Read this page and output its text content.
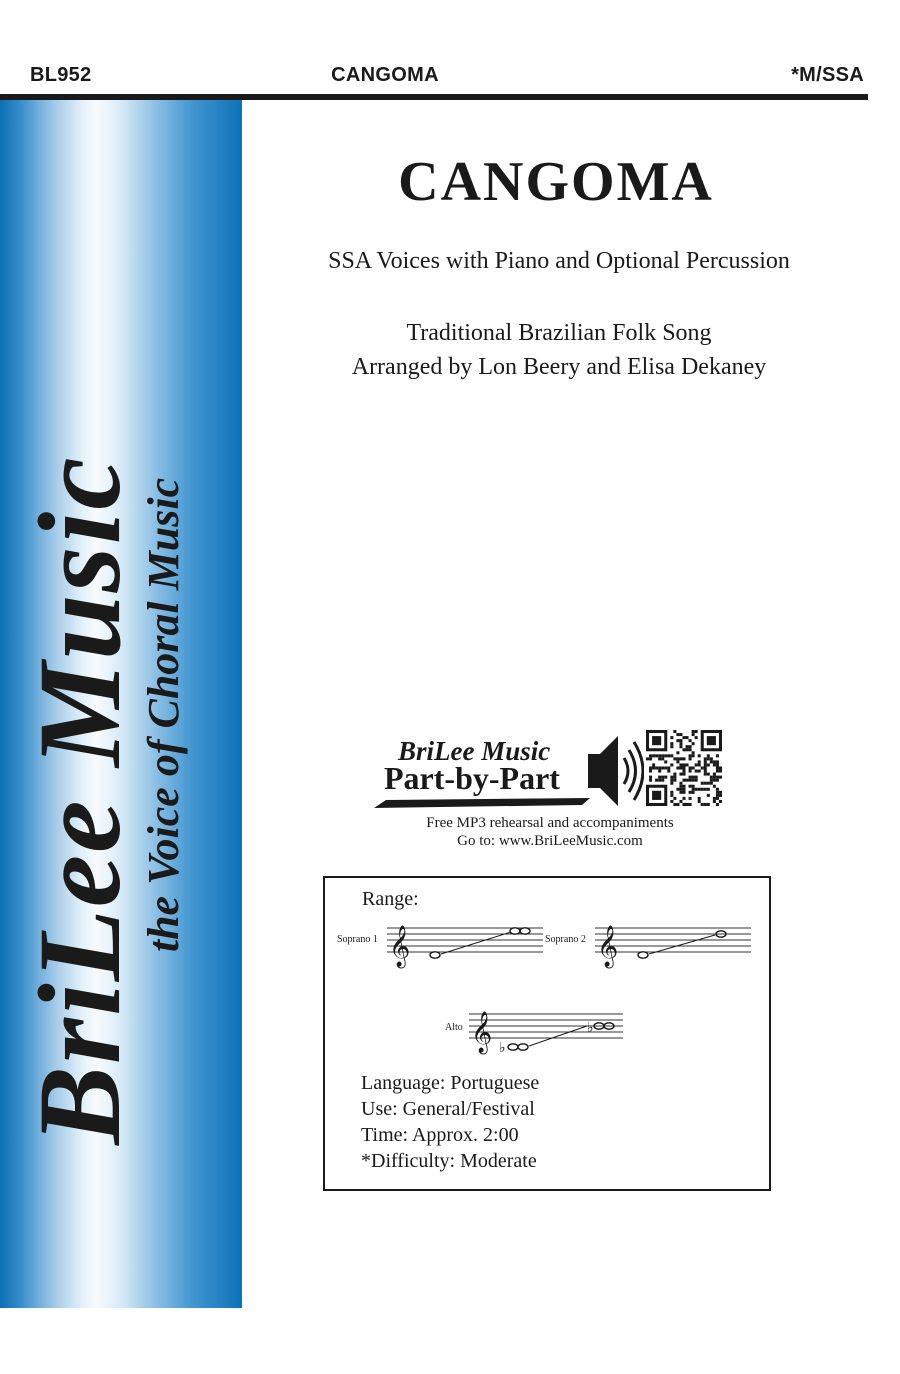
BL952	CANGOMA	*M/SSA
BriLee Music
the Voice of Choral Music
CANGOMA
SSA Voices with Piano and Optional Percussion
Traditional Brazilian Folk Song
Arranged by Lon Beery and Elisa Dekaney
BriLee Music
Part-by-Part
Free MP3 rehearsal and accompaniments
Go to: www.BriLeeMusic.com
Range:
Soprano 1 𝄞	Soprano 2 𝄞
Alto 𝄞 ♭
♭
Language: Portuguese
Use: General/Festival
Time: Approx. 2:00
*Difficulty: Moderate
